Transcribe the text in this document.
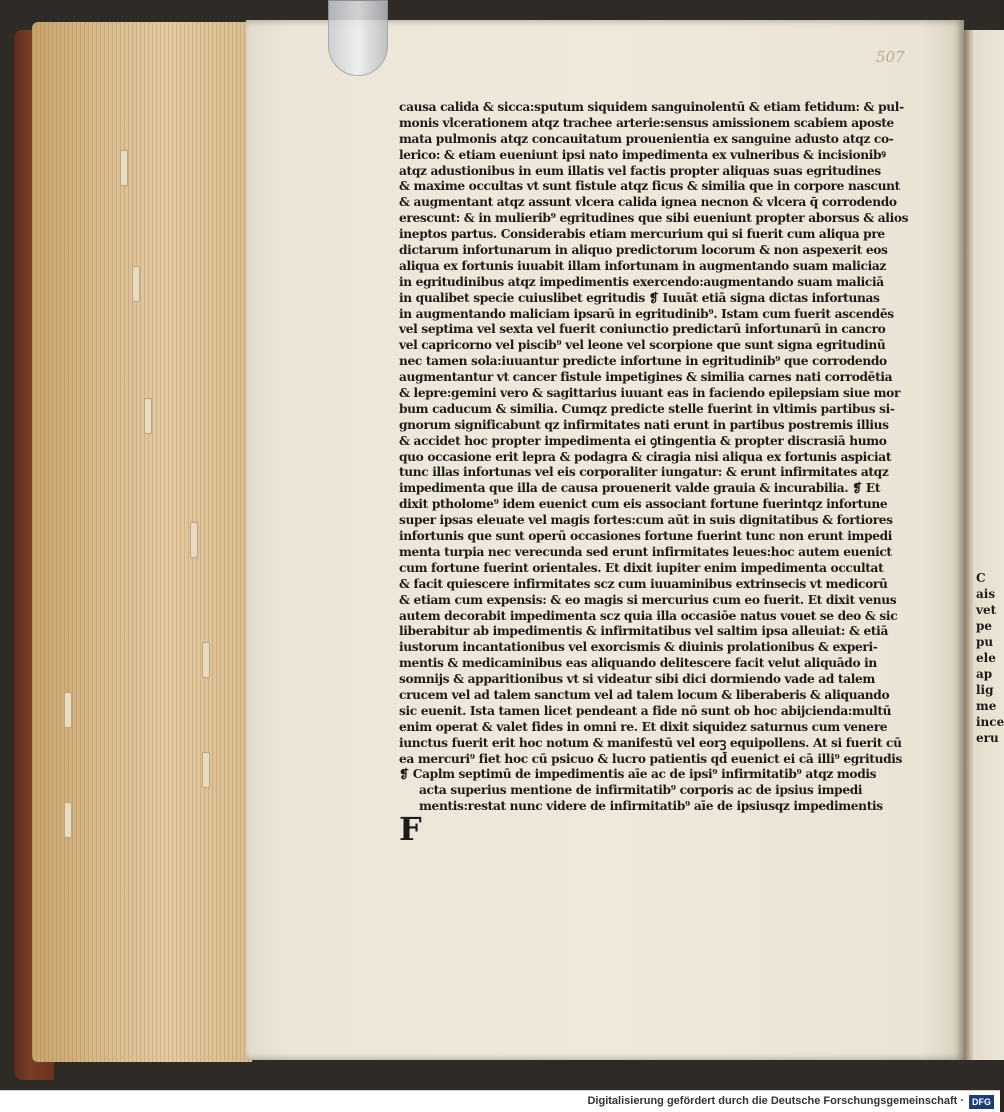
507
causa calida & sicca:sputum siquidem sanguinolentū & etiam fetidum: & pul-
monis vlcerationem atqz trachee arterie:sensus amissionem scabiem aposte
mata pulmonis atqz concauitatum prouenientia ex sanguine adusto atqz co-
lerico: & etiam eueniunt ipsi nato impedimenta ex vulneribus & incisionibꝰ
atqz adustionibus in eum illatis vel factis propter aliquas suas egritudines
& maxime occultas vt sunt fistule atqz ficus & similia que in corpore nascunt
& augmentant atqz assunt vlcera calida ignea necnon & vlcera q̄ corrodendo
erescunt: & in mulierib⁹ egritudines que sibi eueniunt propter aborsus & alios
ineptos partus. Considerabis etiam mercurium qui si fuerit cum aliqua pre
dictarum infortunarum in aliquo predictorum locorum & non aspexerit eos
aliqua ex fortunis iuuabit illam infortunam in augmentando suam maliciaz
in egritudinibus atqz impedimentis exercendo:augmentando suam maliciā
in qualibet specie cuiuslibet egritudis ❡ Iuuāt etiā signa dictas infortunas
in augmentando maliciam ipsarū in egritudinib⁹. Istam cum fuerit ascendēs
vel septima vel sexta vel fuerit coniunctio predictarū infortunarū in cancro
vel capricorno vel piscib⁹ vel leone vel scorpione que sunt signa egritudinū
nec tamen sola:iuuantur predicte infortune in egritudinib⁹ que corrodendo
augmentantur vt cancer fistule impetigines & similia carnes nati corrodētia
& lepre:gemini vero & sagittarius iuuant eas in faciendo epilepsiam siue mor
bum caducum & similia. Cumqz predicte stelle fuerint in vltimis partibus si-
gnorum significabunt qz infirmitates nati erunt in partibus postremis illius
& accidet hoc propter impedimenta ei ꝯtingentia & propter discrasiā humo
quo occasione erit lepra & podagra & ciragia nisi aliqua ex fortunis aspiciat
tunc illas infortunas vel eis corporaliter iungatur: & erunt infirmitates atqz
impedimenta que illa de causa prouenerit valde grauia & incurabilia. ❡ Et
dixit ptholome⁹ idem euenict cum eis associant fortune fuerintqz infortune
super ipsas eleuate vel magis fortes:cum aūt in suis dignitatibus & fortiores
infortunis que sunt operū occasiones fortune fuerint tunc non erunt impedi
menta turpia nec verecunda sed erunt infirmitates leues:hoc autem euenict
cum fortune fuerint orientales. Et dixit iupiter enim impedimenta occultat
& facit quiescere infirmitates scz cum iuuaminibus extrinsecis vt medicorū
& etiam cum expensis: & eo magis si mercurius cum eo fuerit. Et dixit venus
autem decorabit impedimenta scz quia illa occasiōe natus vouet se deo & sic
liberabitur ab impedimentis & infirmitatibus vel saltim ipsa alleuiat: & etiā
iustorum incantationibus vel exorcismis & diuinis prolationibus & experi-
mentis & medicaminibus eas aliquando delitescere facit velut aliquādo in
somnijs & apparitionibus vt si videatur sibi dici dormiendo vade ad talem
crucem vel ad talem sanctum vel ad talem locum & liberaberis & aliquando
sic euenit. Ista tamen licet pendeant a fide nō sunt ob hoc abijcienda:multū
enim operat & valet fides in omni re. Et dixit siquidez saturnus cum venere
iunctus fuerit erit hoc notum & manifestū vel eorꝫ equipollens. At si fuerit cū
ea mercuri⁹ fiet hoc cū psicuo & lucro patientis qd̄ euenict ei cā illi⁹ egritudis
❡ Caplm septimū de impedimentis aīe ac de ipsi⁹ infirmitatib⁹ atqz modis
acta superius mentione de infirmitatib⁹ corporis ac de ipsius impedi
mentis:restat nunc videre de infirmitatib⁹ aīe de ipsiusqz impedimentis
F
C
ais
vet
pe
pu
ele
ap
lig
me
ince
eru
Digitalisierung gefördert durch die Deutsche Forschungsgemeinschaft · DFG
